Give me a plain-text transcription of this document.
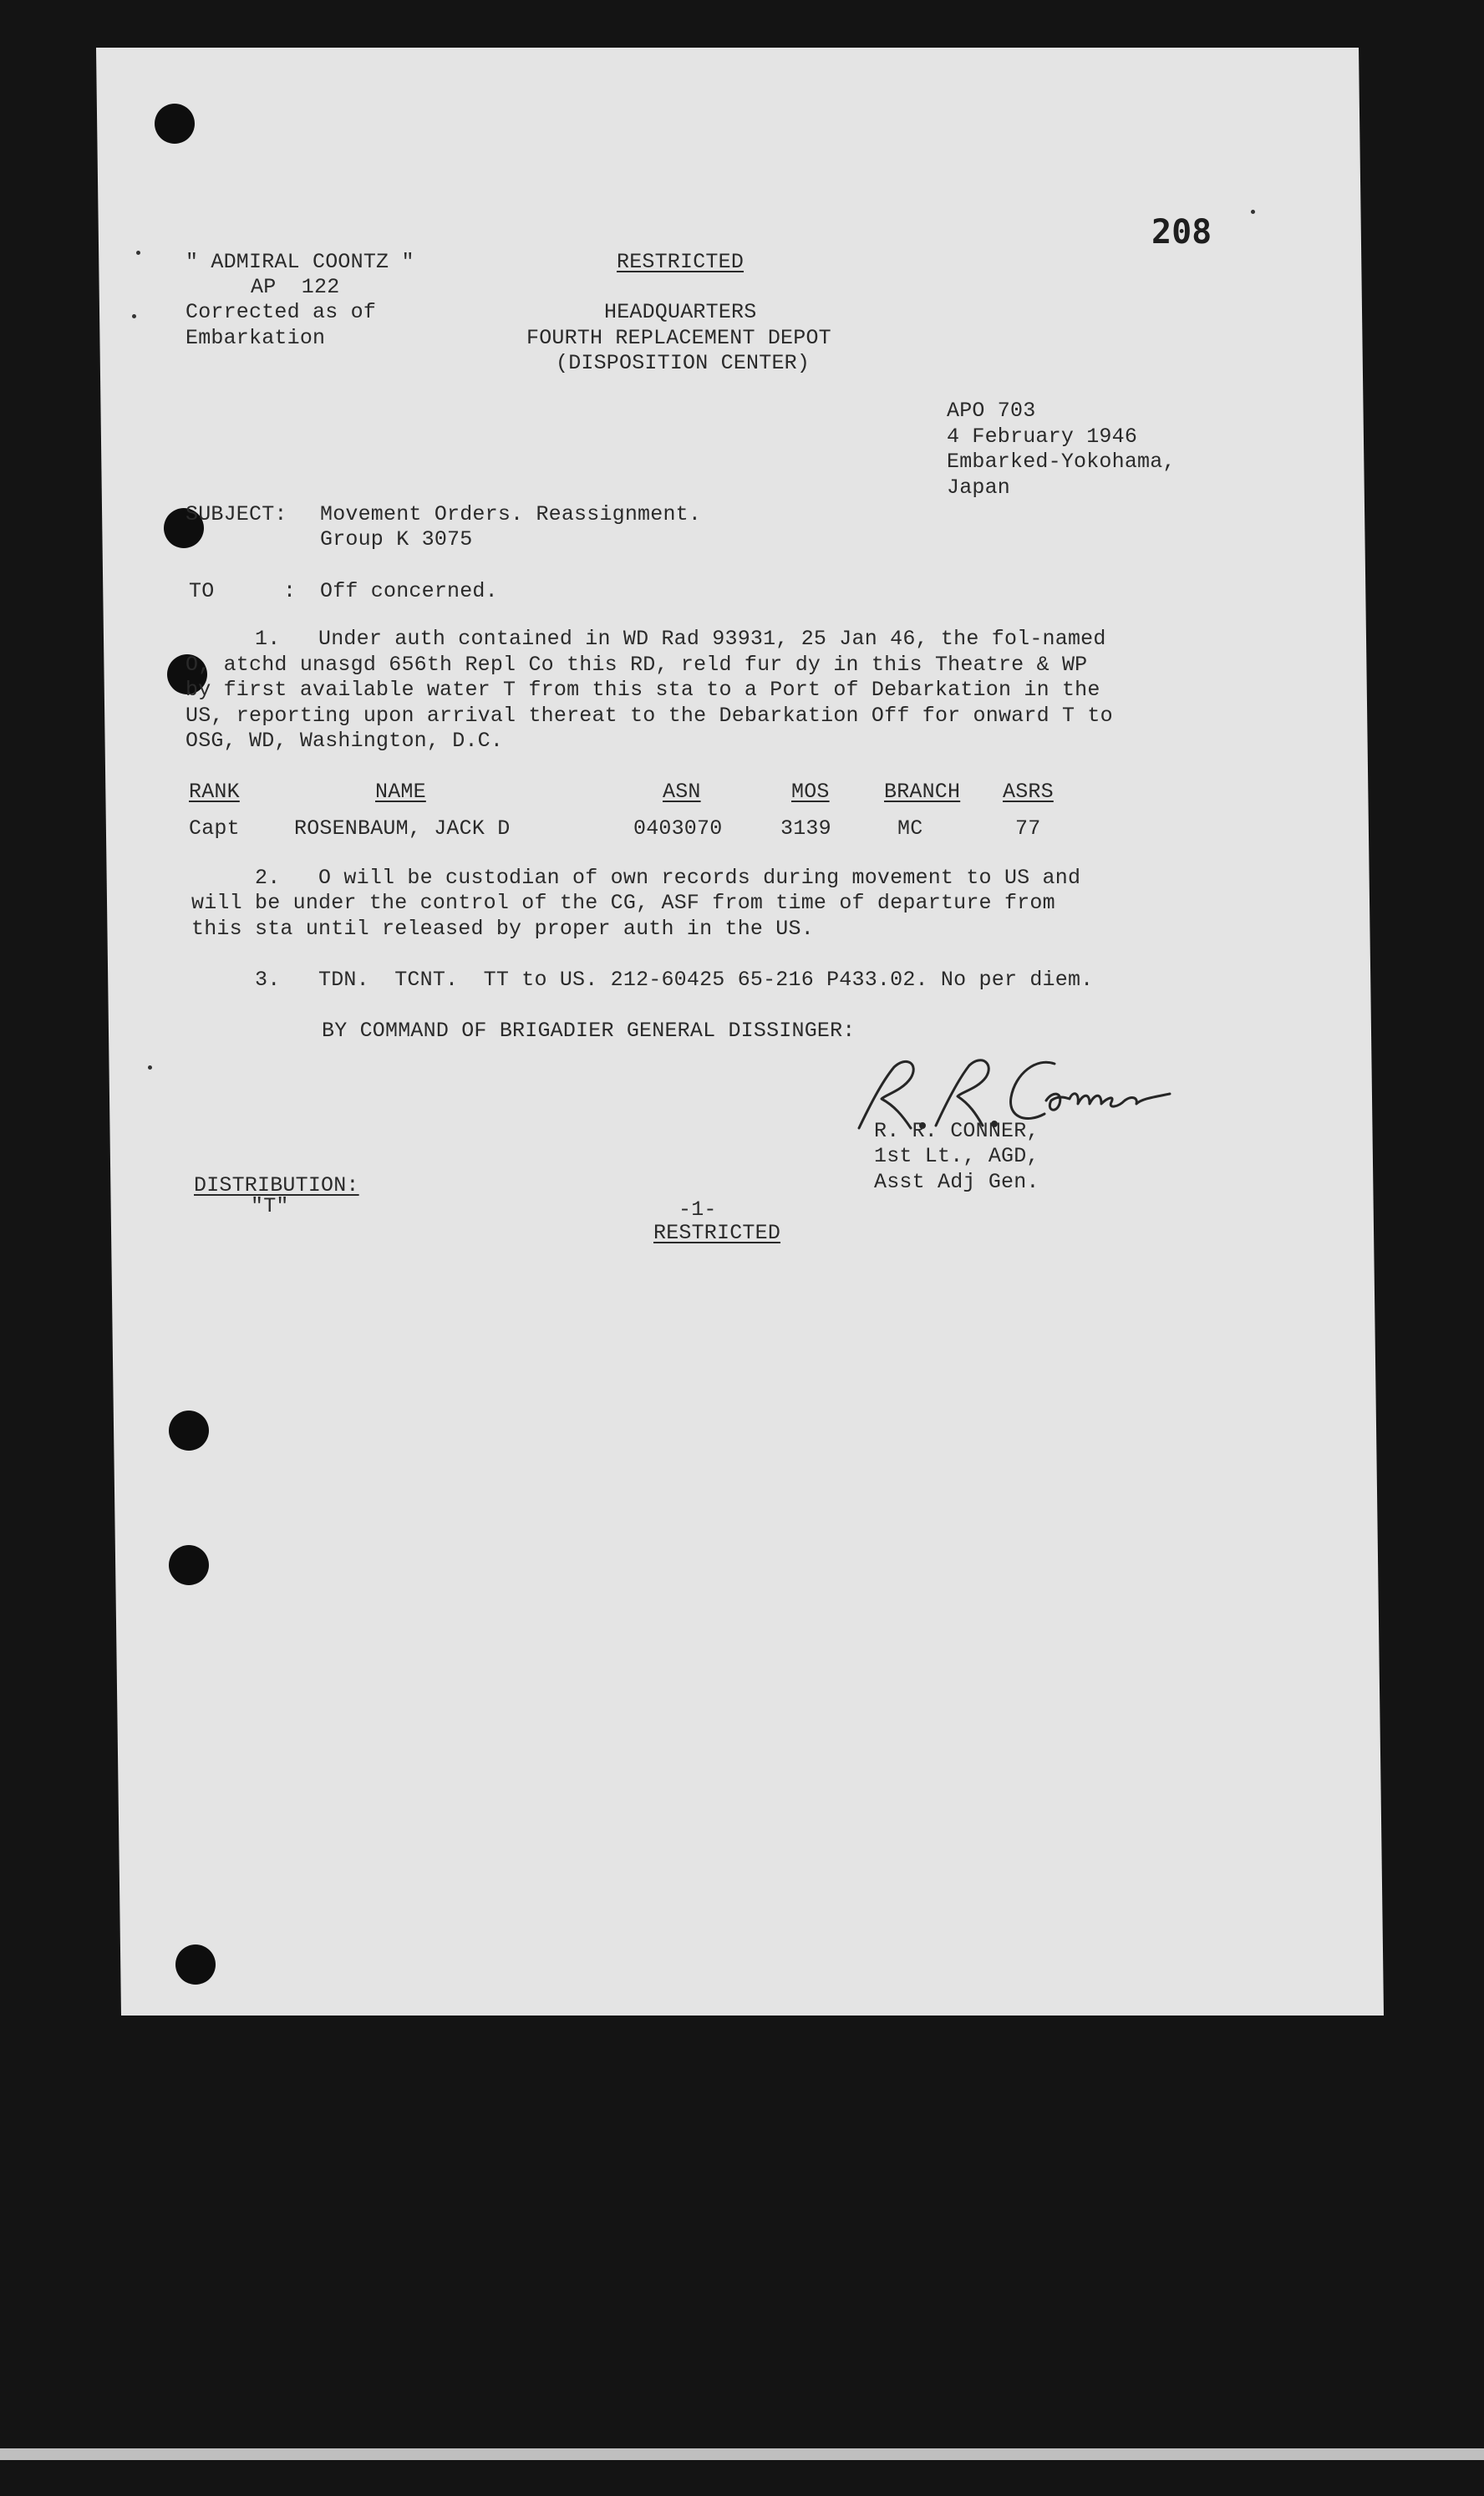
208
" ADMIRAL COONTZ "
AP  122
Corrected as of
Embarkation
RESTRICTED
HEADQUARTERS
FOURTH REPLACEMENT DEPOT
(DISPOSITION CENTER)
APO 703
4 February 1946
Embarked-Yokohama,
Japan
SUBJECT: Movement Orders. Reassignment.
Group K 3075
TO	: Off concerned.
1.   Under auth contained in WD Rad 93931, 25 Jan 46, the fol-named
O, atchd unasgd 656th Repl Co this RD, reld fur dy in this Theatre & WP
by first available water T from this sta to a Port of Debarkation in the
US, reporting upon arrival thereat to the Debarkation Off for onward T to
OSG, WD, Washington, D.C.
RANK	NAME	ASN	MOS	BRANCH ASRS
Capt	ROSENBAUM, JACK D	0403070	3139	MC	77
2.   O will be custodian of own records during movement to US and
will be under the control of the CG, ASF from time of departure from
this sta until released by proper auth in the US.
3.   TDN.  TCNT.  TT to US. 212-60425 65-216 P433.02. No per diem.
BY COMMAND OF BRIGADIER GENERAL DISSINGER:
R. R. CONNER,
1st Lt., AGD,
Asst Adj Gen.
DISTRIBUTION:
"T"	-1-
RESTRICTED
